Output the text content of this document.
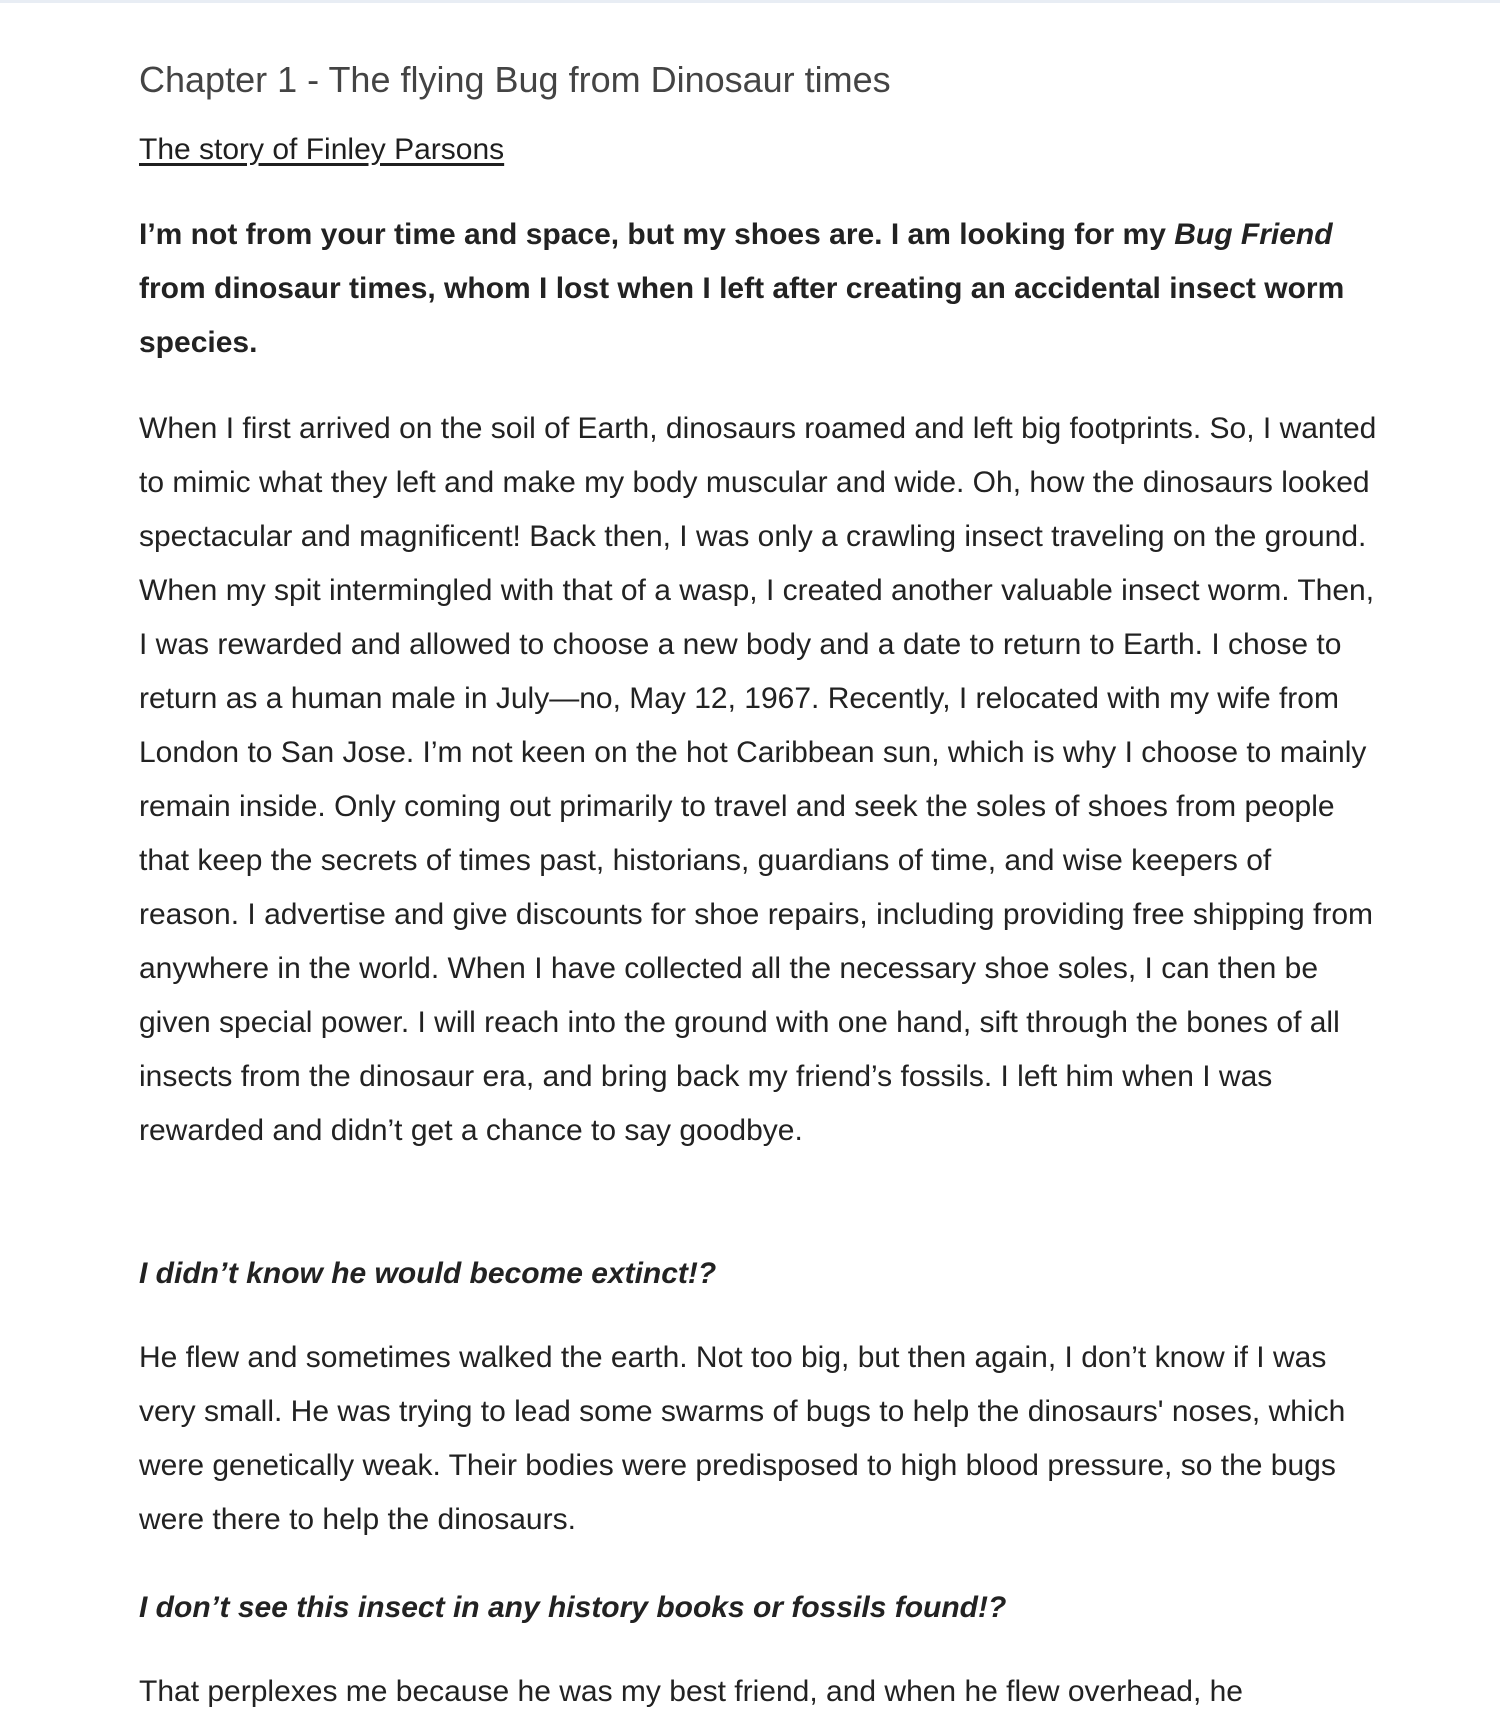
Chapter 1 - The flying Bug from Dinosaur times

The story of Finley Parsons

I’m not from your time and space, but my shoes are. I am looking for my Bug Friend from dinosaur times, whom I lost when I left after creating an accidental insect worm species.

When I first arrived on the soil of Earth, dinosaurs roamed and left big footprints. So, I wanted to mimic what they left and make my body muscular and wide. Oh, how the dinosaurs looked spectacular and magnificent! Back then, I was only a crawling insect traveling on the ground. When my spit intermingled with that of a wasp, I created another valuable insect worm. Then, I was rewarded and allowed to choose a new body and a date to return to Earth. I chose to return as a human male in July—no, May 12, 1967. Recently, I relocated with my wife from London to San Jose. I’m not keen on the hot Caribbean sun, which is why I choose to mainly remain inside. Only coming out primarily to travel and seek the soles of shoes from people that keep the secrets of times past, historians, guardians of time, and wise keepers of reason. I advertise and give discounts for shoe repairs, including providing free shipping from anywhere in the world. When I have collected all the necessary shoe soles, I can then be given special power. I will reach into the ground with one hand, sift through the bones of all insects from the dinosaur era, and bring back my friend’s fossils. I left him when I was rewarded and didn’t get a chance to say goodbye.

I didn’t know he would become extinct!?

He flew and sometimes walked the earth. Not too big, but then again, I don’t know if I was very small. He was trying to lead some swarms of bugs to help the dinosaurs' noses, which were genetically weak. Their bodies were predisposed to high blood pressure, so the bugs were there to help the dinosaurs.

I don’t see this insect in any history books or fossils found!?

That perplexes me because he was my best friend, and when he flew overhead, he
